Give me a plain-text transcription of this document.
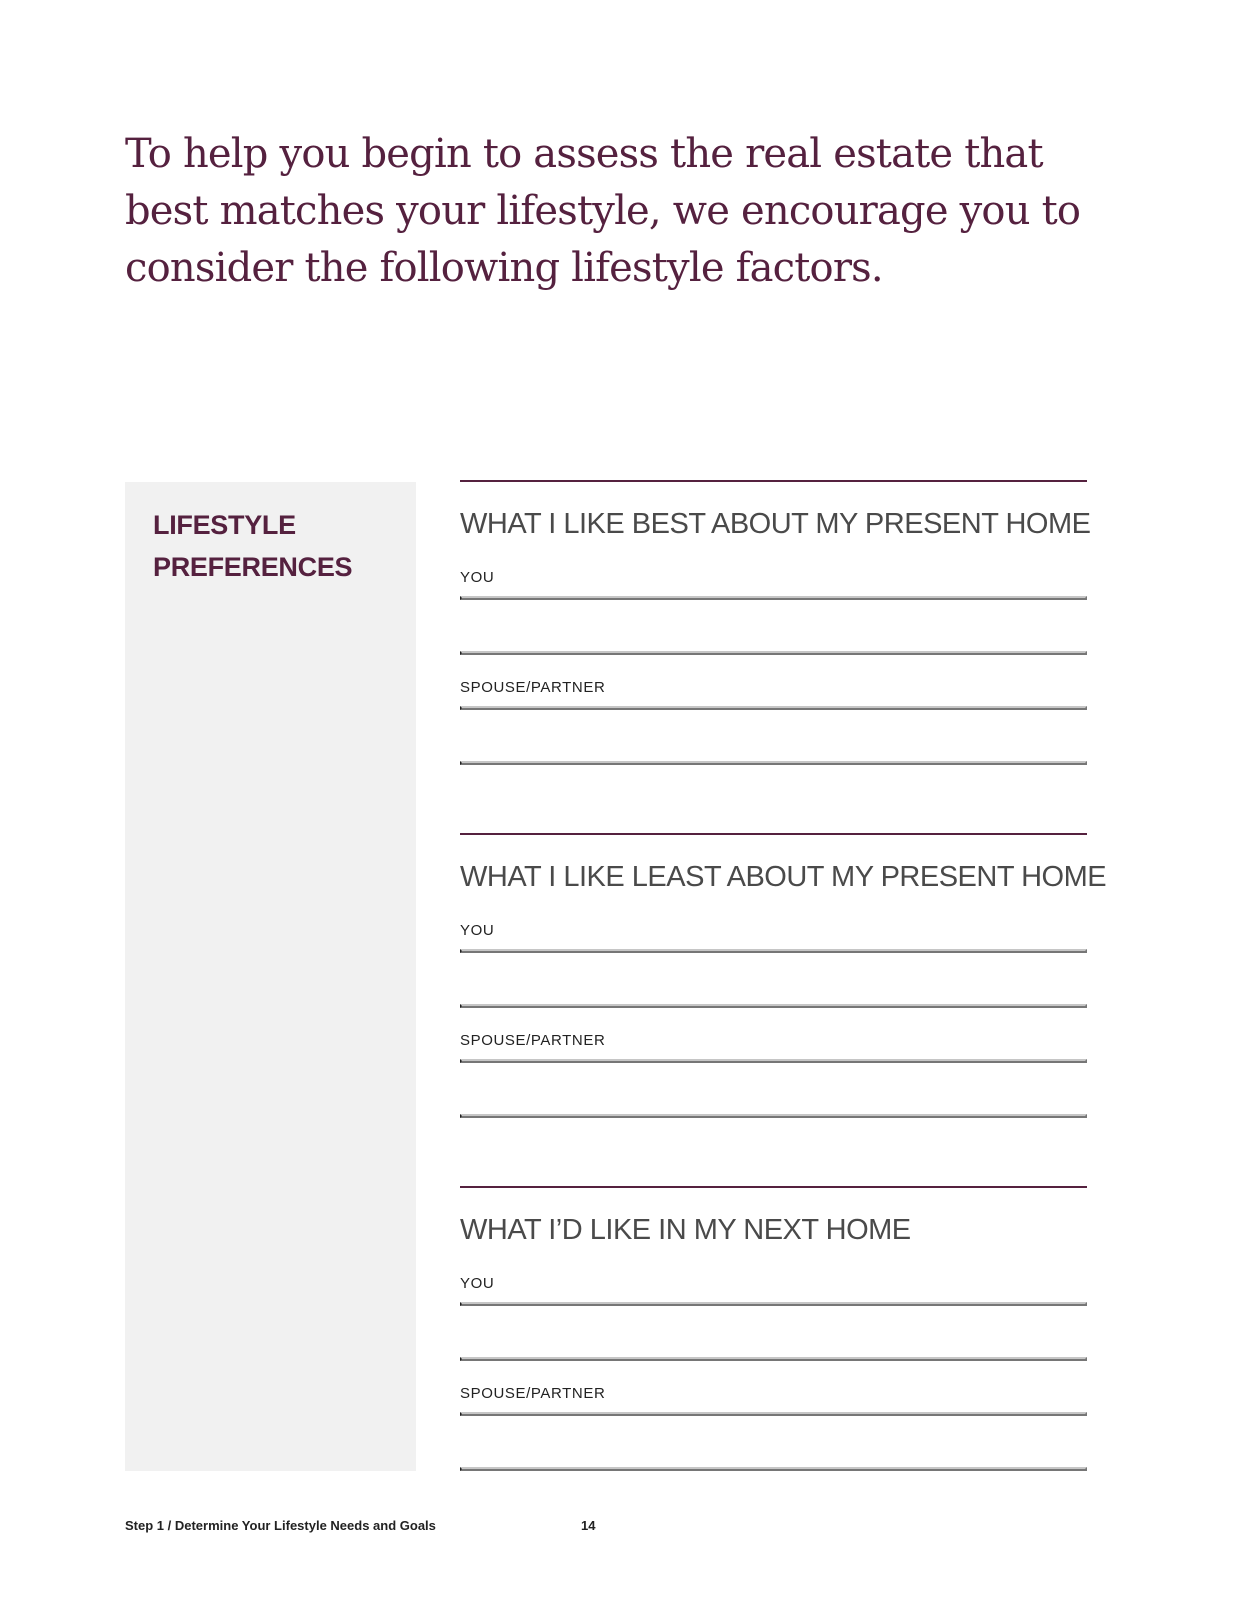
To help you begin to assess the real estate that
best matches your lifestyle, we encourage you to
consider the following lifestyle factors.
LIFESTYLE
PREFERENCES
WHAT I LIKE BEST ABOUT MY PRESENT HOME
YOU
SPOUSE/PARTNER
WHAT I LIKE LEAST ABOUT MY PRESENT HOME
YOU
SPOUSE/PARTNER
WHAT I’D LIKE IN MY NEXT HOME
YOU
SPOUSE/PARTNER
Step 1 / Determine Your Lifestyle Needs and Goals	14
